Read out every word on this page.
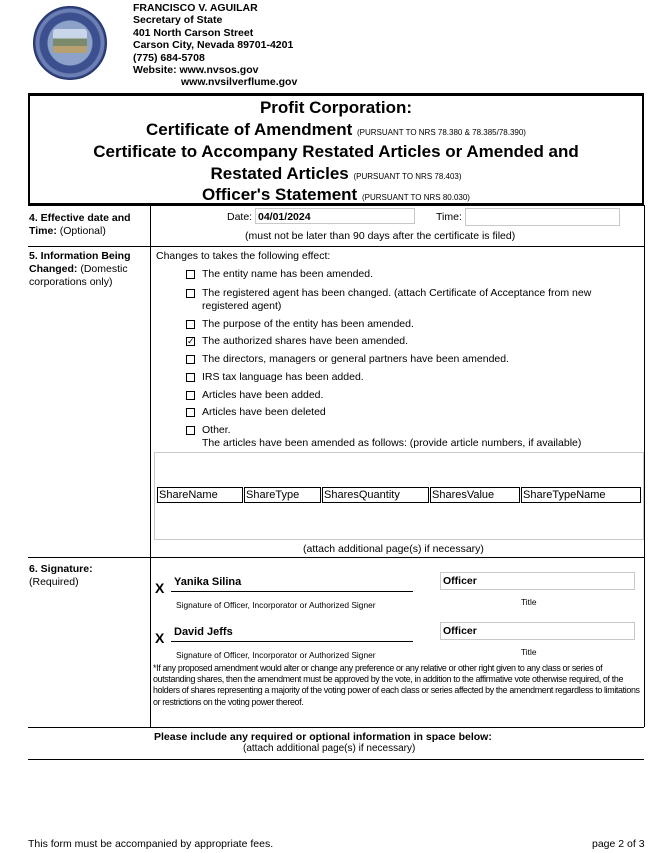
FRANCISCO V. AGUILAR
Secretary of State
401 North Carson Street
Carson City, Nevada 89701-4201
(775) 684-5708
Website: www.nvsos.gov
www.nvsilverflume.gov
Profit Corporation:
Certificate of Amendment (PURSUANT TO NRS 78.380 & 78.385/78.390)
Certificate to Accompany Restated Articles or Amended and
Restated Articles (PURSUANT TO NRS 78.403)
Officer's Statement (PURSUANT TO NRS 80.030)
4. Effective date and
Time: (Optional)
Date: 04/01/2024	Time:
(must not be later than 90 days after the certificate is filed)
5. Information Being
Changed: (Domestic
corporations only)
Changes to takes the following effect:
The entity name has been amended.
The registered agent has been changed. (attach Certificate of Acceptance from new
registered agent)
The purpose of the entity has been amended.
✓ The authorized shares have been amended.
The directors, managers or general partners have been amended.
IRS tax language has been added.
Articles have been added.
Articles have been deleted
Other.
The articles have been amended as follows: (provide article numbers, if available)
ShareName	ShareType	SharesQuantity	SharesValue	ShareTypeName
(attach additional page(s) if necessary)
6. Signature:
(Required)	X Yanika Silina	Officer
Signature of Officer, Incorporator or Authorized Signer	Title
X David Jeffs	Officer
Signature of Officer, Incorporator or Authorized Signer	Title
*If any proposed amendment would alter or change any preference or any relative or other right given to any class or series of outstanding shares, then the amendment must be approved by the vote, in addition to the affirmative vote otherwise required, of the holders of shares representing a majority of the voting power of each class or series affected by the amendment regardless to limitations or restrictions on the voting power thereof.
Please include any required or optional information in space below:
(attach additional page(s) if necessary)
This form must be accompanied by appropriate fees.	page 2 of 3
